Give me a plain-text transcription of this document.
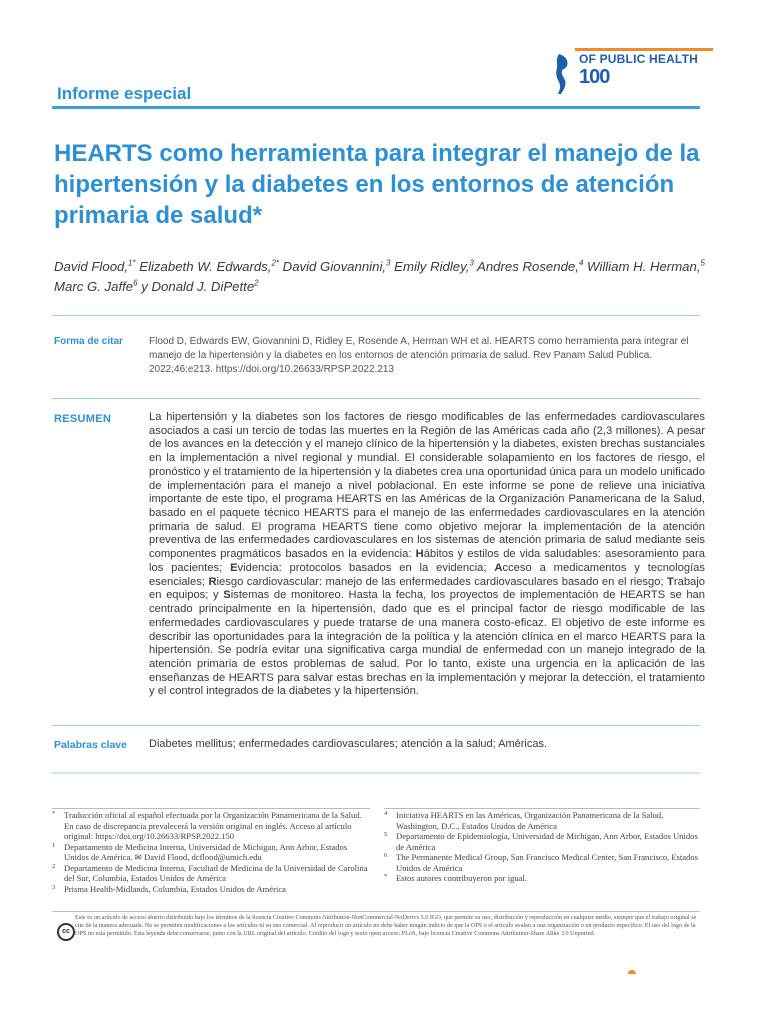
Informe especial
OF PUBLIC HEALTH
100
HEARTS como herramienta para integrar el manejo de la hipertensión y la diabetes en los entornos de atención primaria de salud*
David Flood,$^{1*}$ Elizabeth W. Edwards,$^{2*}$ David Giovannini,$^3$ Emily Ridley,$^3$ Andres Rosende,$^4$ William H. Herman,$^5$ Marc G. Jaffe$^6$ y Donald J. DiPette$^2$
Forma de citar	Flood D, Edwards EW, Giovannini D, Ridley E, Rosende A, Herman WH et al. HEARTS como herramienta para integrar el manejo de la hipertensión y la diabetes en los entornos de atención primaria de salud. Rev Panam Salud Publica. 2022;46:e213. https://doi.org/10.26633/RPSP.2022.213
RESUMEN	La hipertensión y la diabetes son los factores de riesgo modificables de las enfermedades cardiovasculares asociados a casi un tercio de todas las muertes en la Región de las Américas cada año (2,3 millones). A pesar de los avances en la detección y el manejo clínico de la hipertensión y la diabetes, existen brechas sustanciales en la implementación a nivel regional y mundial. El considerable solapamiento en los factores de riesgo, el pronóstico y el tratamiento de la hipertensión y la diabetes crea una oportunidad única para un modelo unificado de implementación para el manejo a nivel poblacional. En este informe se pone de relieve una iniciativa importante de este tipo, el programa HEARTS en las Américas de la Organización Panamericana de la Salud, basado en el paquete técnico HEARTS para el manejo de las enfermedades cardiovasculares en la atención primaria de salud. El programa HEARTS tiene como objetivo mejorar la implementación de la atención preventiva de las enfermedades cardiovasculares en los sistemas de atención primaria de salud mediante seis componentes pragmáticos basados en la evidencia: Hábitos y estilos de vida saludables: asesoramiento para los pacientes; Evidencia: protocolos basados en la evidencia; Acceso a medicamentos y tecnologías esenciales; Riesgo cardiovascular: manejo de las enfermedades cardiovasculares basado en el riesgo; Trabajo en equipos; y Sistemas de monitoreo. Hasta la fecha, los proyectos de implementación de HEARTS se han centrado principalmente en la hipertensión, dado que es el principal factor de riesgo modificable de las enfermedades cardiovasculares y puede tratarse de una manera costo-eficaz. El objetivo de este informe es describir las oportunidades para la integración de la política y la atención clínica en el marco HEARTS para la hipertensión. Se podría evitar una significativa carga mundial de enfermedad con un manejo integrado de la atención primaria de estos problemas de salud. Por lo tanto, existe una urgencia en la aplicación de las enseñanzas de HEARTS para salvar estas brechas en la implementación y mejorar la detección, el tratamiento y el control integrados de la diabetes y la hipertensión.
Palabras clave Diabetes mellitus; enfermedades cardiovasculares; atención a la salud; Américas.
* Traducción oficial al español efectuada por la Organización Panamericana de la Salud. En caso de discrepancia prevalecerá la versión original en inglés. Acceso al artículo original: https://doi.org/10.26633/RPSP.2022.150
1 Departamento de Medicina Interna, Universidad de Michigan, Ann Arbor, Estados Unidos de América. ✉ David Flood, dcflood@umich.edu
2 Departamento de Medicina Interna, Facultad de Medicina de la Universidad de Carolina del Sur, Columbia, Estados Unidos de América
3 Prisma Health-Midlands, Columbia, Estados Unidos de América
4 Iniciativa HEARTS en las Américas, Organización Panamericana de la Salud, Washington, D.C., Estados Unidos de América
5 Departamento de Epidemiología, Universidad de Michigan, Ann Arbor, Estados Unidos de América
6 The Permanente Medical Group, San Francisco Medical Center, San Francisco, Estados Unidos de América
* Estos autores contribuyeron por igual.
cc
Este es un artículo de acceso abierto distribuido bajo los términos de la licencia Creative Commons Attribution-NonCommercial-NoDerivs 3.0 IGO, que permite su uso, distribución y reproducción en cualquier medio, siempre que el trabajo original se cite de la manera adecuada. No se permiten modificaciones a los artículos ni su uso comercial. Al reproducir un artículo no debe haber ningún indicio de que la OPS o el artículo avalan a una organización o un producto específico. El uso del logo de la OPS no está permitido. Esta leyenda debe conservarse, junto con la URL original del artículo. Crédito del logo y texto open access: PLoS, bajo licencia Creative Commons Attribution-Share Alike 3.0 Unported.
